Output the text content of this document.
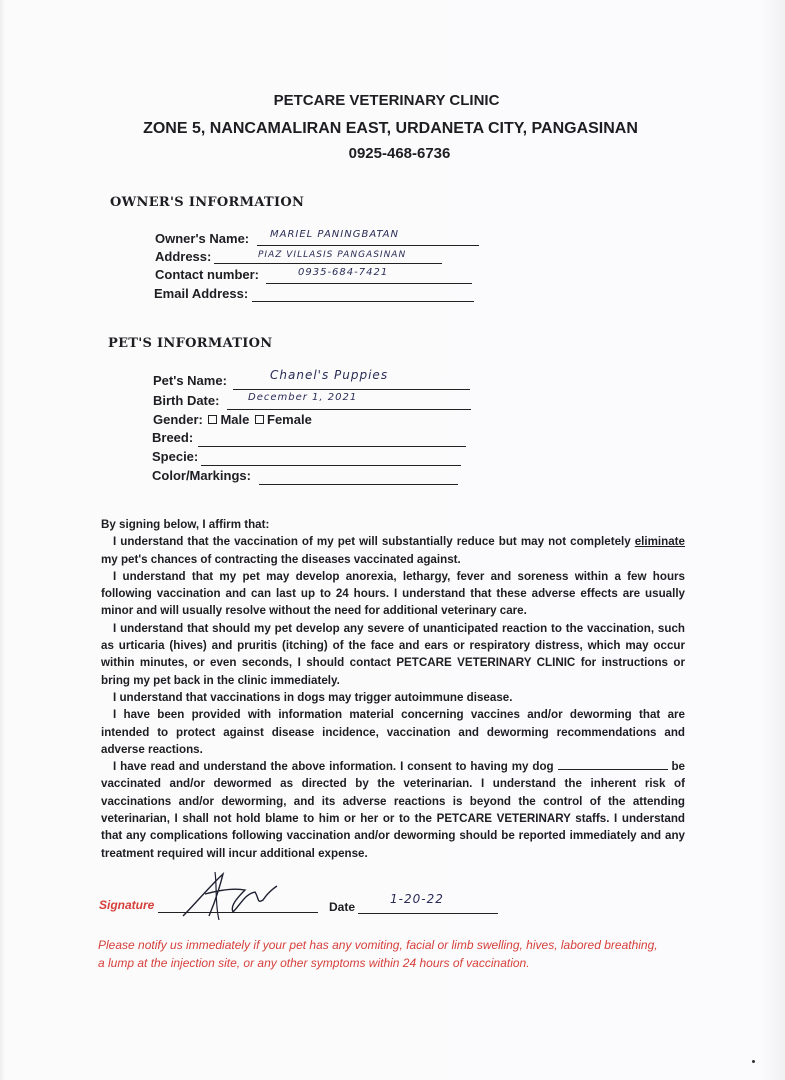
PETCARE VETERINARY CLINIC
ZONE 5, NANCAMALIRAN EAST, URDANETA CITY, PANGASINAN
0925-468-6736
OWNER'S INFORMATION
Owner's Name: MARIEL PANINGBATAN
Address:	PIAZ VILLASIS PANGASINAN
Contact number:	0935-684-7421
Email Address:
PET'S INFORMATION
Pet's Name:	Chanel's Puppies
Birth Date:	December 1, 2021
Gender: Male Female
Breed:
Specie:
Color/Markings:

By signing below, I affirm that:

I understand that the vaccination of my pet will substantially reduce but may not completely eliminate my pet's chances of contracting the diseases vaccinated against.

I understand that my pet may develop anorexia, lethargy, fever and soreness within a few hours following vaccination and can last up to 24 hours. I understand that these adverse effects are usually minor and will usually resolve without the need for additional veterinary care.

I understand that should my pet develop any severe of unanticipated reaction to the vaccination, such as urticaria (hives) and pruritis (itching) of the face and ears or respiratory distress, which may occur within minutes, or even seconds, I should contact PETCARE VETERINARY CLINIC for instructions or bring my pet back in the clinic immediately.

I understand that vaccinations in dogs may trigger autoimmune disease.

I have been provided with information material concerning vaccines and/or deworming that are intended to protect against disease incidence, vaccination and deworming recommendations and adverse reactions.

I have read and understand the above information. I consent to having my dog	be vaccinated and/or dewormed as directed by the veterinarian. I understand the inherent risk of vaccinations and/or deworming, and its adverse reactions is beyond the control of the attending veterinarian, I shall not hold blame to him or her or to the PETCARE VETERINARY staffs. I understand that any complications following vaccination and/or deworming should be reported immediately and any treatment required will incur additional expense.

Signature	Date
1-20-22
Please notify us immediately if your pet has any vomiting, facial or limb swelling, hives, labored breathing, a lump at the injection site, or any other symptoms within 24 hours of vaccination.
